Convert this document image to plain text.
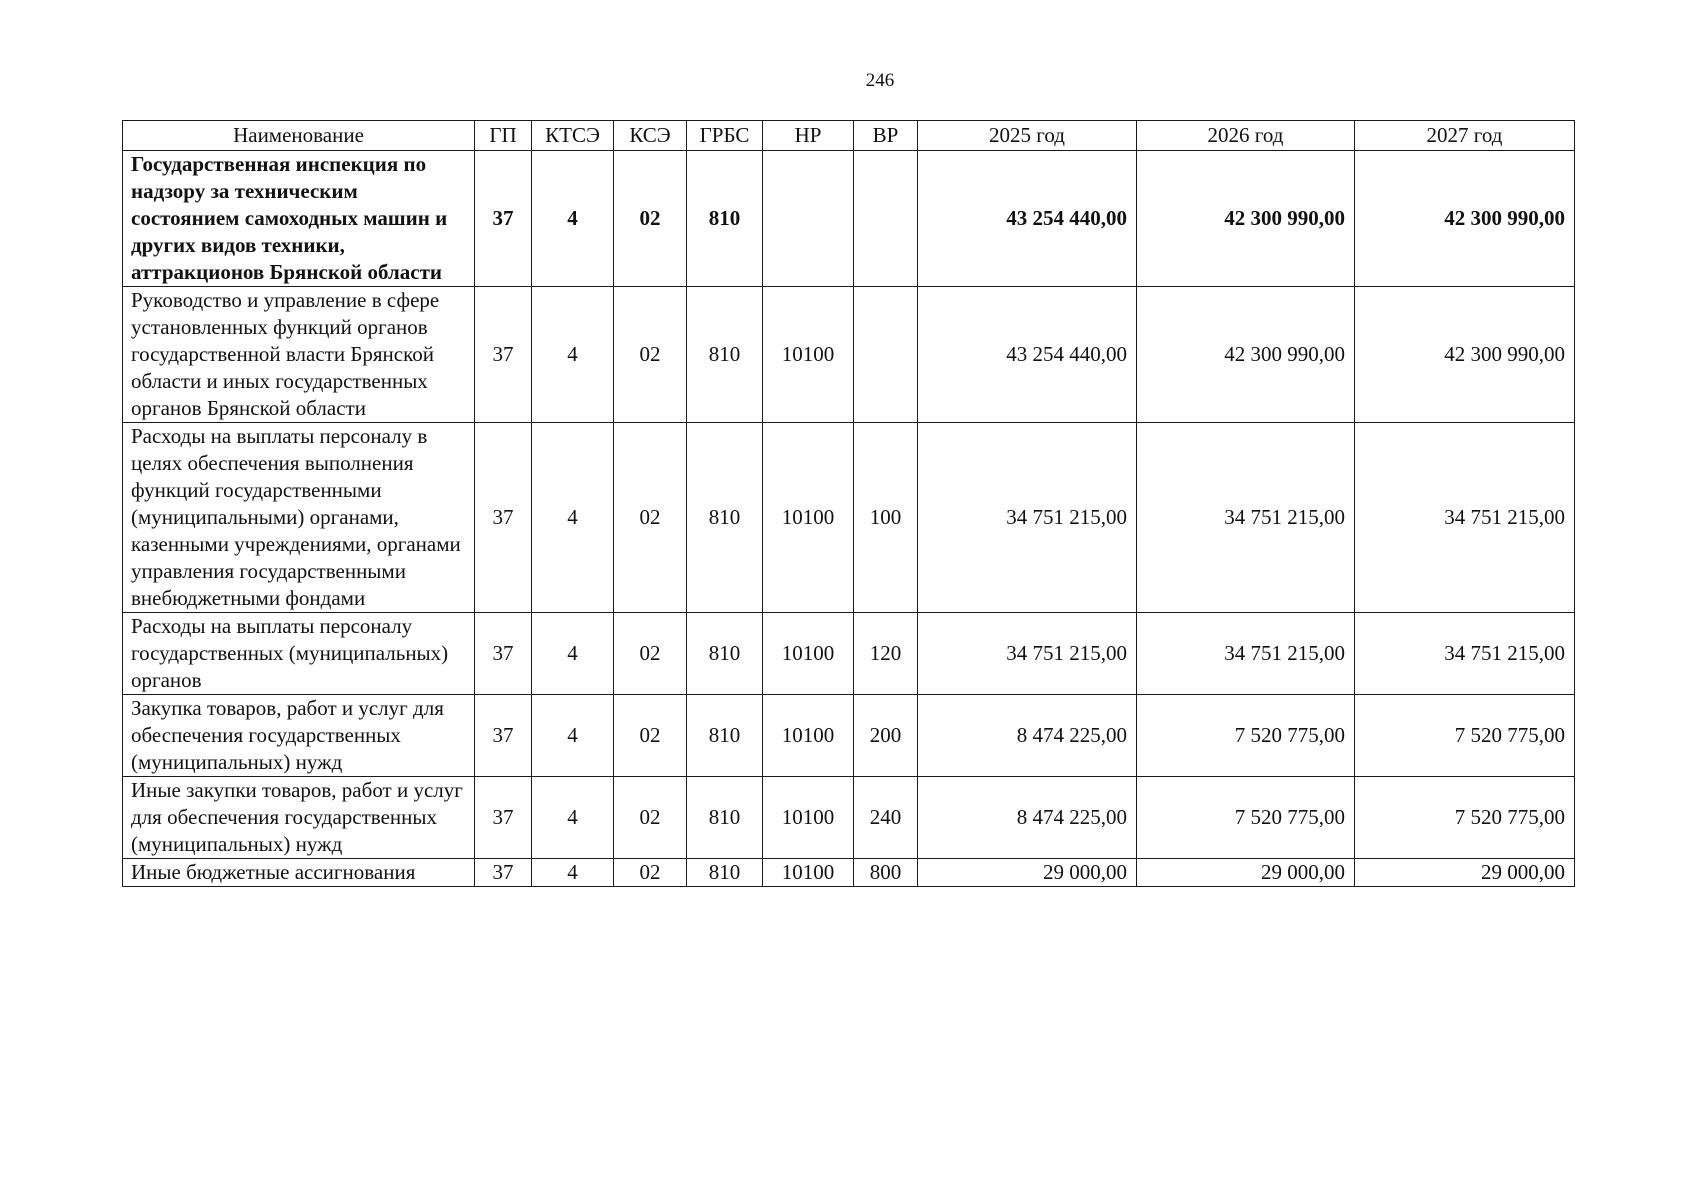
246
Наименование	ГП	КТСЭ	КСЭ	ГРБС	НР	ВР	2025 год	2026 год	2027 год
Государственная инспекция по надзору за техническим состоянием самоходных машин и других видов техники, аттракционов Брянской области	37	4	02	810			43 254 440,00	42 300 990,00	42 300 990,00
Руководство и управление в сфере установленных функций органов государственной власти Брянской области и иных государственных органов Брянской области	37	4	02	810	10100		43 254 440,00	42 300 990,00	42 300 990,00
Расходы на выплаты персоналу в целях обеспечения выполнения функций государственными (муниципальными) органами, казенными учреждениями, органами управления государственными внебюджетными фондами	37	4	02	810	10100	100	34 751 215,00	34 751 215,00	34 751 215,00
Расходы на выплаты персоналу государственных (муниципальных) органов	37	4	02	810	10100	120	34 751 215,00	34 751 215,00	34 751 215,00
Закупка товаров, работ и услуг для обеспечения государственных (муниципальных) нужд	37	4	02	810	10100	200	8 474 225,00	7 520 775,00	7 520 775,00
Иные закупки товаров, работ и услуг для обеспечения государственных (муниципальных) нужд	37	4	02	810	10100	240	8 474 225,00	7 520 775,00	7 520 775,00
Иные бюджетные ассигнования	37	4	02	810	10100	800	29 000,00	29 000,00	29 000,00
